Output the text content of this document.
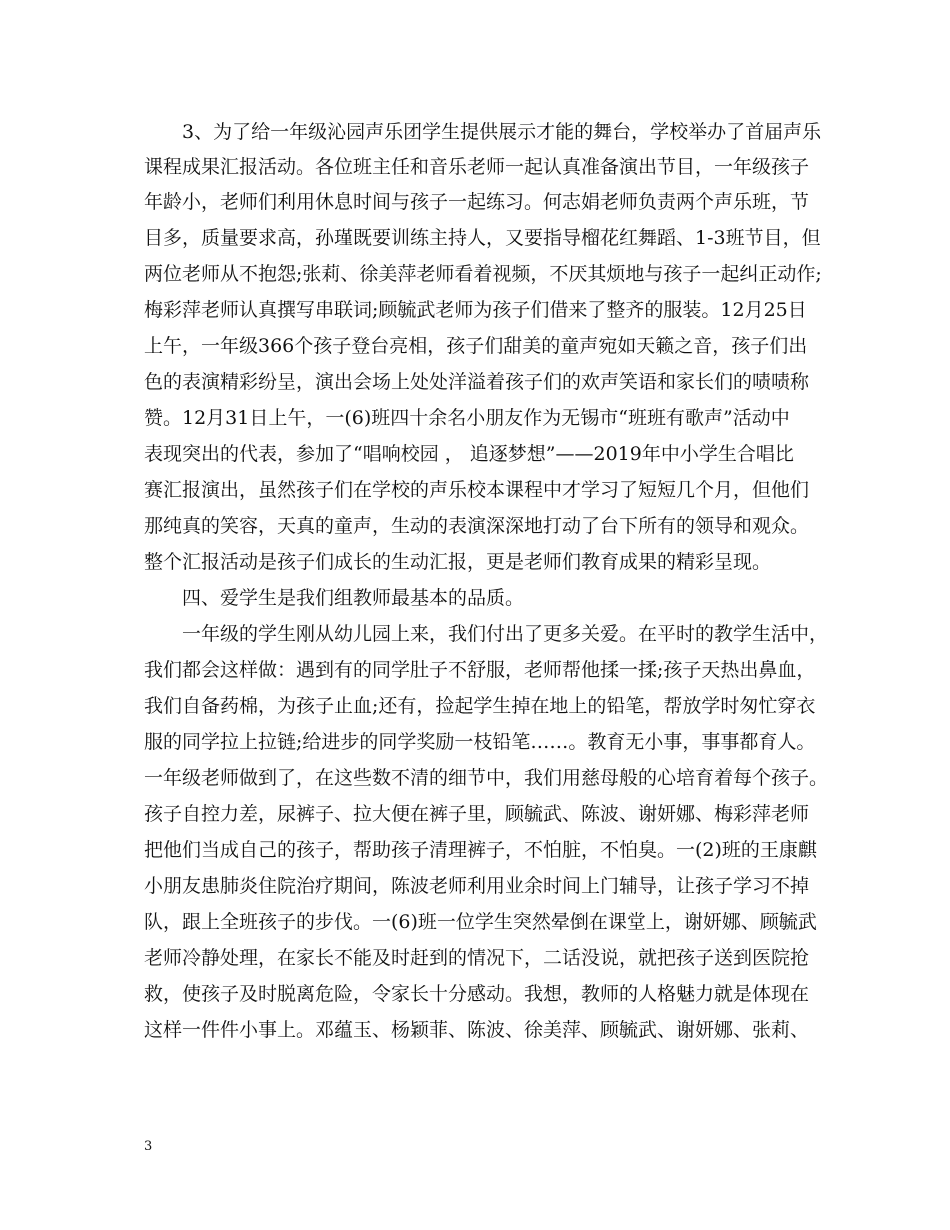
3、为了给一年级沁园声乐团学生提供展示才能的舞台，学校举办了首届声乐
课程成果汇报活动。各位班主任和音乐老师一起认真准备演出节目，一年级孩子
年龄小，老师们利用休息时间与孩子一起练习。何志娟老师负责两个声乐班，节
目多，质量要求高，孙瑾既要训练主持人，又要指导榴花红舞蹈、1-3班节目，但
两位老师从不抱怨;张莉、徐美萍老师看着视频，不厌其烦地与孩子一起纠正动作;
梅彩萍老师认真撰写串联词;顾毓武老师为孩子们借来了整齐的服装。12月25日
上午，一年级366个孩子登台亮相，孩子们甜美的童声宛如天籁之音，孩子们出
色的表演精彩纷呈，演出会场上处处洋溢着孩子们的欢声笑语和家长们的啧啧称
赞。12月31日上午，一(6)班四十余名小朋友作为无锡市“班班有歌声”活动中
表现突出的代表，参加了“唱响校园 ， 追逐梦想”——2019年中小学生合唱比
赛汇报演出，虽然孩子们在学校的声乐校本课程中才学习了短短几个月，但他们
那纯真的笑容，天真的童声，生动的表演深深地打动了台下所有的领导和观众。
整个汇报活动是孩子们成长的生动汇报，更是老师们教育成果的精彩呈现。
四、爱学生是我们组教师最基本的品质。
一年级的学生刚从幼儿园上来，我们付出了更多关爱。在平时的教学生活中，
我们都会这样做：遇到有的同学肚子不舒服，老师帮他揉一揉;孩子天热出鼻血，
我们自备药棉，为孩子止血;还有，捡起学生掉在地上的铅笔，帮放学时匆忙穿衣
服的同学拉上拉链;给进步的同学奖励一枝铅笔……。教育无小事，事事都育人。
一年级老师做到了，在这些数不清的细节中，我们用慈母般的心培育着每个孩子。
孩子自控力差，尿裤子、拉大便在裤子里，顾毓武、陈波、谢妍娜、梅彩萍老师
把他们当成自己的孩子，帮助孩子清理裤子，不怕脏，不怕臭。一(2)班的王康麒
小朋友患肺炎住院治疗期间，陈波老师利用业余时间上门辅导，让孩子学习不掉
队，跟上全班孩子的步伐。一(6)班一位学生突然晕倒在课堂上，谢妍娜、顾毓武
老师冷静处理，在家长不能及时赶到的情况下，二话没说，就把孩子送到医院抢
救，使孩子及时脱离危险，令家长十分感动。我想，教师的人格魅力就是体现在
这样一件件小事上。邓蕴玉、杨颖菲、陈波、徐美萍、顾毓武、谢妍娜、张莉、
3
